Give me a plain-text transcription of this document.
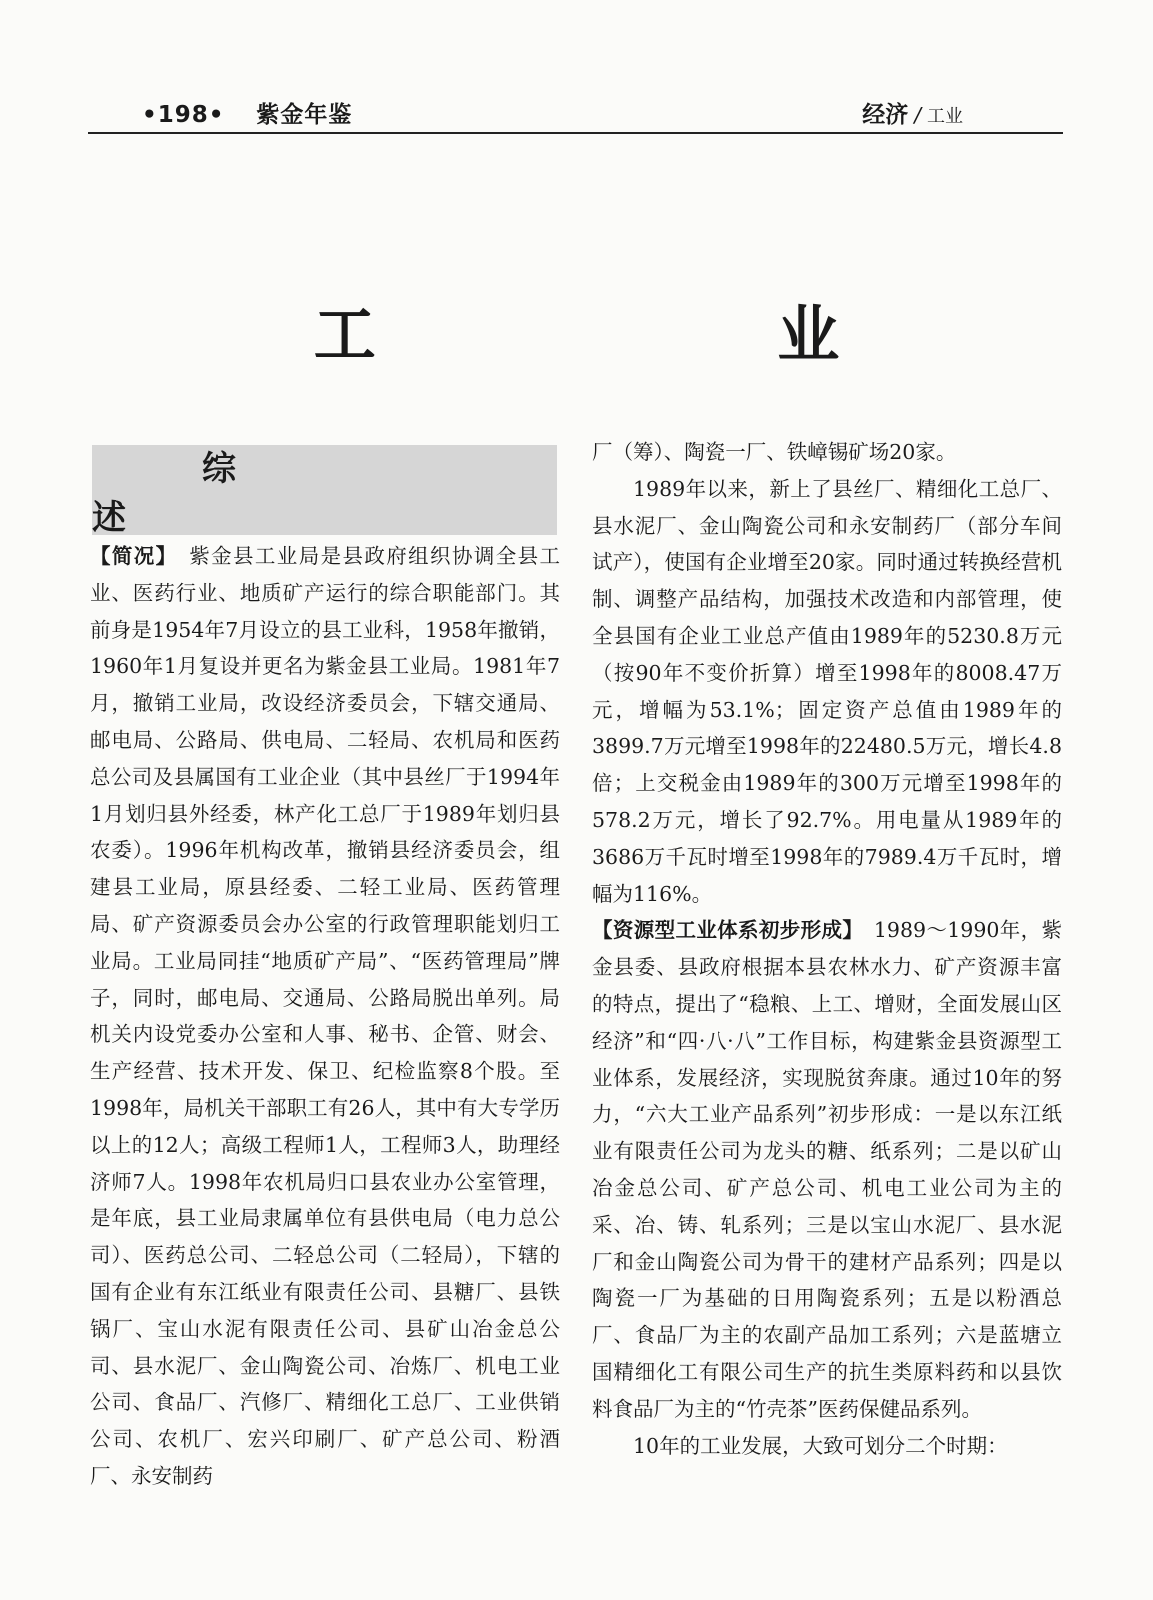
•198• 紫金年鉴	经济 / 工业
工 业
综 述

【简况】　 紫金县工业局是县政府组织协调全县工业、医药行业、地质矿产运行的综合职能部门。其前身是1954年7月设立的县工业科，1958年撤销，1960年1月复设并更名为紫金县工业局。1981年7月，撤销工业局，改设经济委员会，下辖交通局、邮电局、公路局、供电局、二轻局、农机局和医药总公司及县属国有工业企业（其中县丝厂于1994年1月划归县外经委，林产化工总厂于1989年划归县农委）。1996年机构改革，撤销县经济委员会，组建县工业局，原县经委、二轻工业局、医药管理局、矿产资源委员会办公室的行政管理职能划归工业局。工业局同挂“地质矿产局”、“医药管理局”牌子，同时，邮电局、交通局、公路局脱出单列。局机关内设党委办公室和人事、秘书、企管、财会、生产经营、技术开发、保卫、纪检监察8个股。至1998年，局机关干部职工有26人，其中有大专学历以上的12人；高级工程师1人，工程师3人，助理经济师7人。1998年农机局归口县农业办公室管理，是年底，县工业局隶属单位有县供电局（电力总公司）、医药总公司、二轻总公司（二轻局），下辖的国有企业有东江纸业有限责任公司、县糖厂、县铁锅厂、宝山水泥有限责任公司、县矿山冶金总公司、县水泥厂、金山陶瓷公司、冶炼厂、机电工业公司、食品厂、汽修厂、精细化工总厂、工业供销公司、农机厂、宏兴印刷厂、矿产总公司、粉酒厂、永安制药

厂（筹）、陶瓷一厂、铁嶂锡矿场20家。

1989年以来，新上了县丝厂、精细化工总厂、县水泥厂、金山陶瓷公司和永安制药厂（部分车间试产），使国有企业增至20家。同时通过转换经营机制、调整产品结构，加强技术改造和内部管理，使全县国有企业工业总产值由1989年的5230.8万元（按90年不变价折算）增至1998年的8008.47万元，增幅为53.1%；固定资产总值由1989年的3899.7万元增至1998年的22480.5万元，增长4.8倍；上交税金由1989年的300万元增至1998年的578.2万元，增长了92.7%。用电量从1989年的3686万千瓦时增至1998年的7989.4万千瓦时，增幅为116%。

【资源型工业体系初步形成】　 1989～1990年，紫金县委、县政府根据本县农林水力、矿产资源丰富的特点，提出了“稳粮、上工、增财，全面发展山区经济”和“四·八·八”工作目标，构建紫金县资源型工业体系，发展经济，实现脱贫奔康。通过10年的努力，“六大工业产品系列”初步形成：一是以东江纸业有限责任公司为龙头的糖、纸系列；二是以矿山冶金总公司、矿产总公司、机电工业公司为主的采、冶、铸、轧系列；三是以宝山水泥厂、县水泥厂和金山陶瓷公司为骨干的建材产品系列；四是以陶瓷一厂为基础的日用陶瓷系列；五是以粉酒总厂、食品厂为主的农副产品加工系列；六是蓝塘立国精细化工有限公司生产的抗生类原料药和以县饮料食品厂为主的“竹壳茶”医药保健品系列。

10年的工业发展，大致可划分二个时期：
